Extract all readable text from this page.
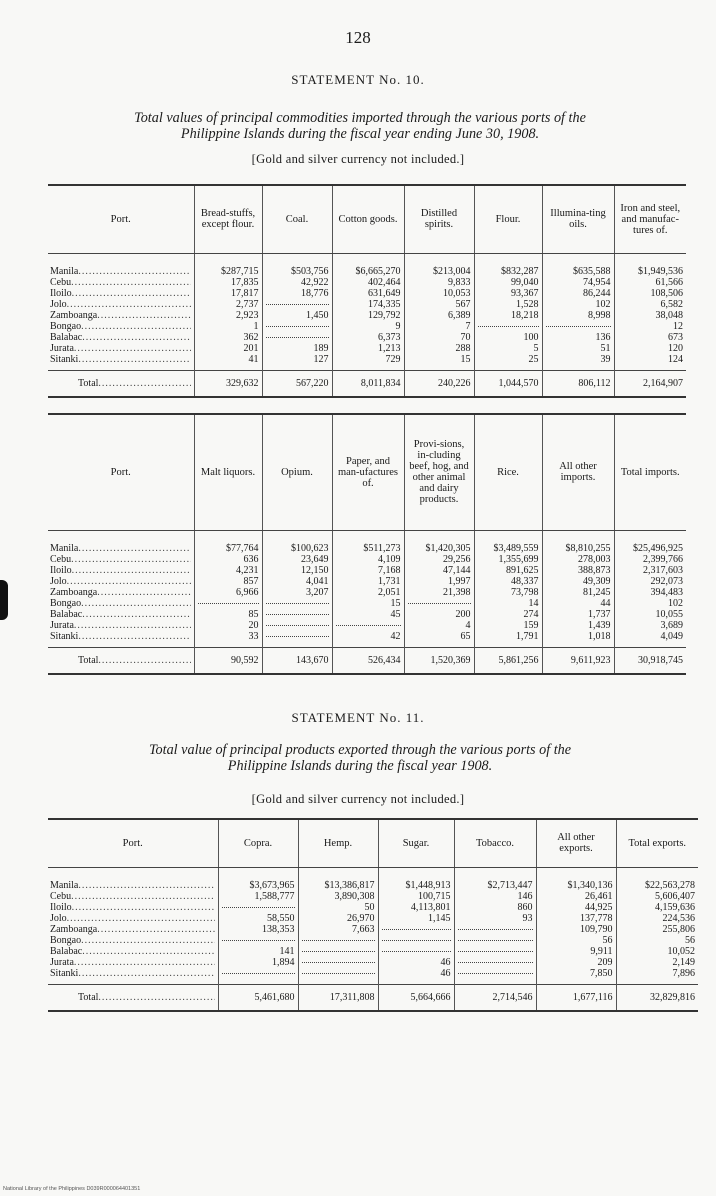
128
STATEMENT No. 10.
Total values of principal commodities imported through the various ports of the
Philippine Islands during the fiscal year ending June 30, 1908.
[Gold and silver currency not included.]
Port.	Bread-stuffs, except flour.	Coal.	Cotton goods.	Distilled spirits.	Flour.	Illumina-ting oils.	Iron and steel, and manufac-tures of.

Manila .....	$287,715	$503,756	$6,665,270	$213,004	$832,287	$635,588	$1,949,536

Cebu .....	17,835	42,922	402,464	9,833	99,040	74,954	61,566

Iloilo .....	17,817	18,776	631,649	10,053	93,367	86,244	108,506

Jolo .....	2,737		174,335	567	1,528	102	6,582

Zamboanga .....	2,923	1,450	129,792	6,389	18,218	8,998	38,048

Bongao .....	1		9	7			12

Balabac .....	362		6,373	70	100	136	673

Jurata .....	201	189	1,213	288	5	51	120

Sitanki .....	41	127	729	15	25	39	124

Total .....	329,632	567,220	8,011,834	240,226	1,044,570	806,112	2,164,907
Port.	Malt liquors.	Opium.	Paper, and man-ufactures of.	Provi-sions, in-cluding beef, hog, and other animal and dairy products.	Rice.	All other imports.	Total imports.

Manila .....	$77,764	$100,623	$511,273	$1,420,305	$3,489,559	$8,810,255	$25,496,925

Cebu .....	636	23,649	4,109	29,256	1,355,699	278,003	2,399,766

Iloilo .....	4,231	12,150	7,168	47,144	891,625	388,873	2,317,603

Jolo .....	857	4,041	1,731	1,997	48,337	49,309	292,073

Zamboanga .....	6,966	3,207	2,051	21,398	73,798	81,245	394,483

Bongao .....			15		14	44	102

Balabac .....	85		45	200	274	1,737	10,055

Jurata .....	20			4	159	1,439	3,689

Sitanki .....	33		42	65	1,791	1,018	4,049

Total .....	90,592	143,670	526,434	1,520,369	5,861,256	9,611,923	30,918,745
STATEMENT No. 11.
Total value of principal products exported through the various ports of the
Philippine Islands during the fiscal year 1908.
[Gold and silver currency not included.]
Port.	Copra.	Hemp.	Sugar.	Tobacco.	All other exports.	Total exports.

Manila .....	$3,673,965	$13,386,817	$1,448,913	$2,713,447	$1,340,136	$22,563,278

Cebu .....	1,588,777	3,890,308	100,715	146	26,461	5,606,407

Iloilo .....		50	4,113,801	860	44,925	4,159,636

Jolo .....	58,550	26,970	1,145	93	137,778	224,536

Zamboanga .....	138,353	7,663			109,790	255,806

Bongao .....					56	56

Balabac .....	141				9,911	10,052

Jurata .....	1,894		46		209	2,149

Sitanki .....			46		7,850	7,896

Total .....	5,461,680	17,311,808	5,664,666	2,714,546	1,677,116	32,829,816
National Library of the Philippines D039R000064401351
